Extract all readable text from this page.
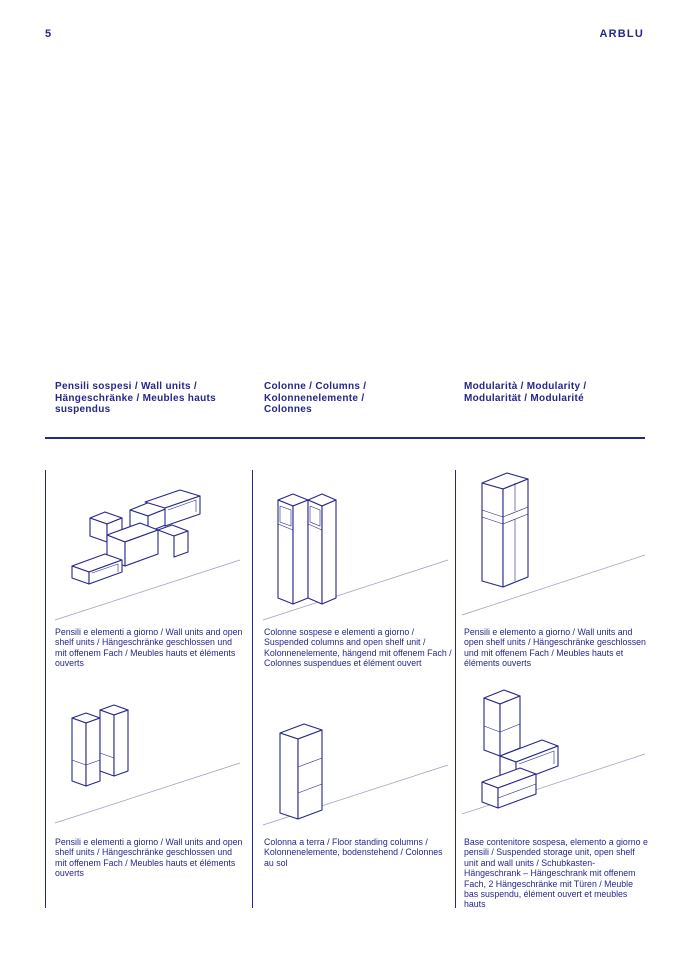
5	ARBLU
Pensili sospesi / Wall units / Hängeschränke / Meubles hauts suspendus
Colonne / Columns / Kolonnenelemente / Colonnes
Modularità / Modularity / Modularität / Modularité
Pensili e elementi a giorno / Wall units and open shelf units / Hängeschränke geschlossen und mit offenem Fach / Meubles hauts et éléments ouverts
Colonne sospese e elementi a giorno / Suspended columns and open shelf unit / Kolonnenelemente, hängend mit offenem Fach / Colonnes suspendues et élément ouvert
Pensili e elemento a giorno / Wall units and open shelf units / Hängeschränke geschlossen und mit offenem Fach / Meubles hauts et éléments ouverts
Pensili e elementi a giorno / Wall units and open shelf units / Hängeschränke geschlossen und mit offenem Fach / Meubles hauts et éléments ouverts
Colonna a terra / Floor standing columns / Kolonnenelemente, bodenstehend / Colonnes au sol
Base contenitore sospesa, elemento a giorno e pensili / Suspended storage unit, open shelf unit and wall units / Schubkasten-Hängeschrank – Hängeschrank mit offenem Fach, 2 Hängeschränke mit Türen / Meuble bas suspendu, élément ouvert et meubles hauts
